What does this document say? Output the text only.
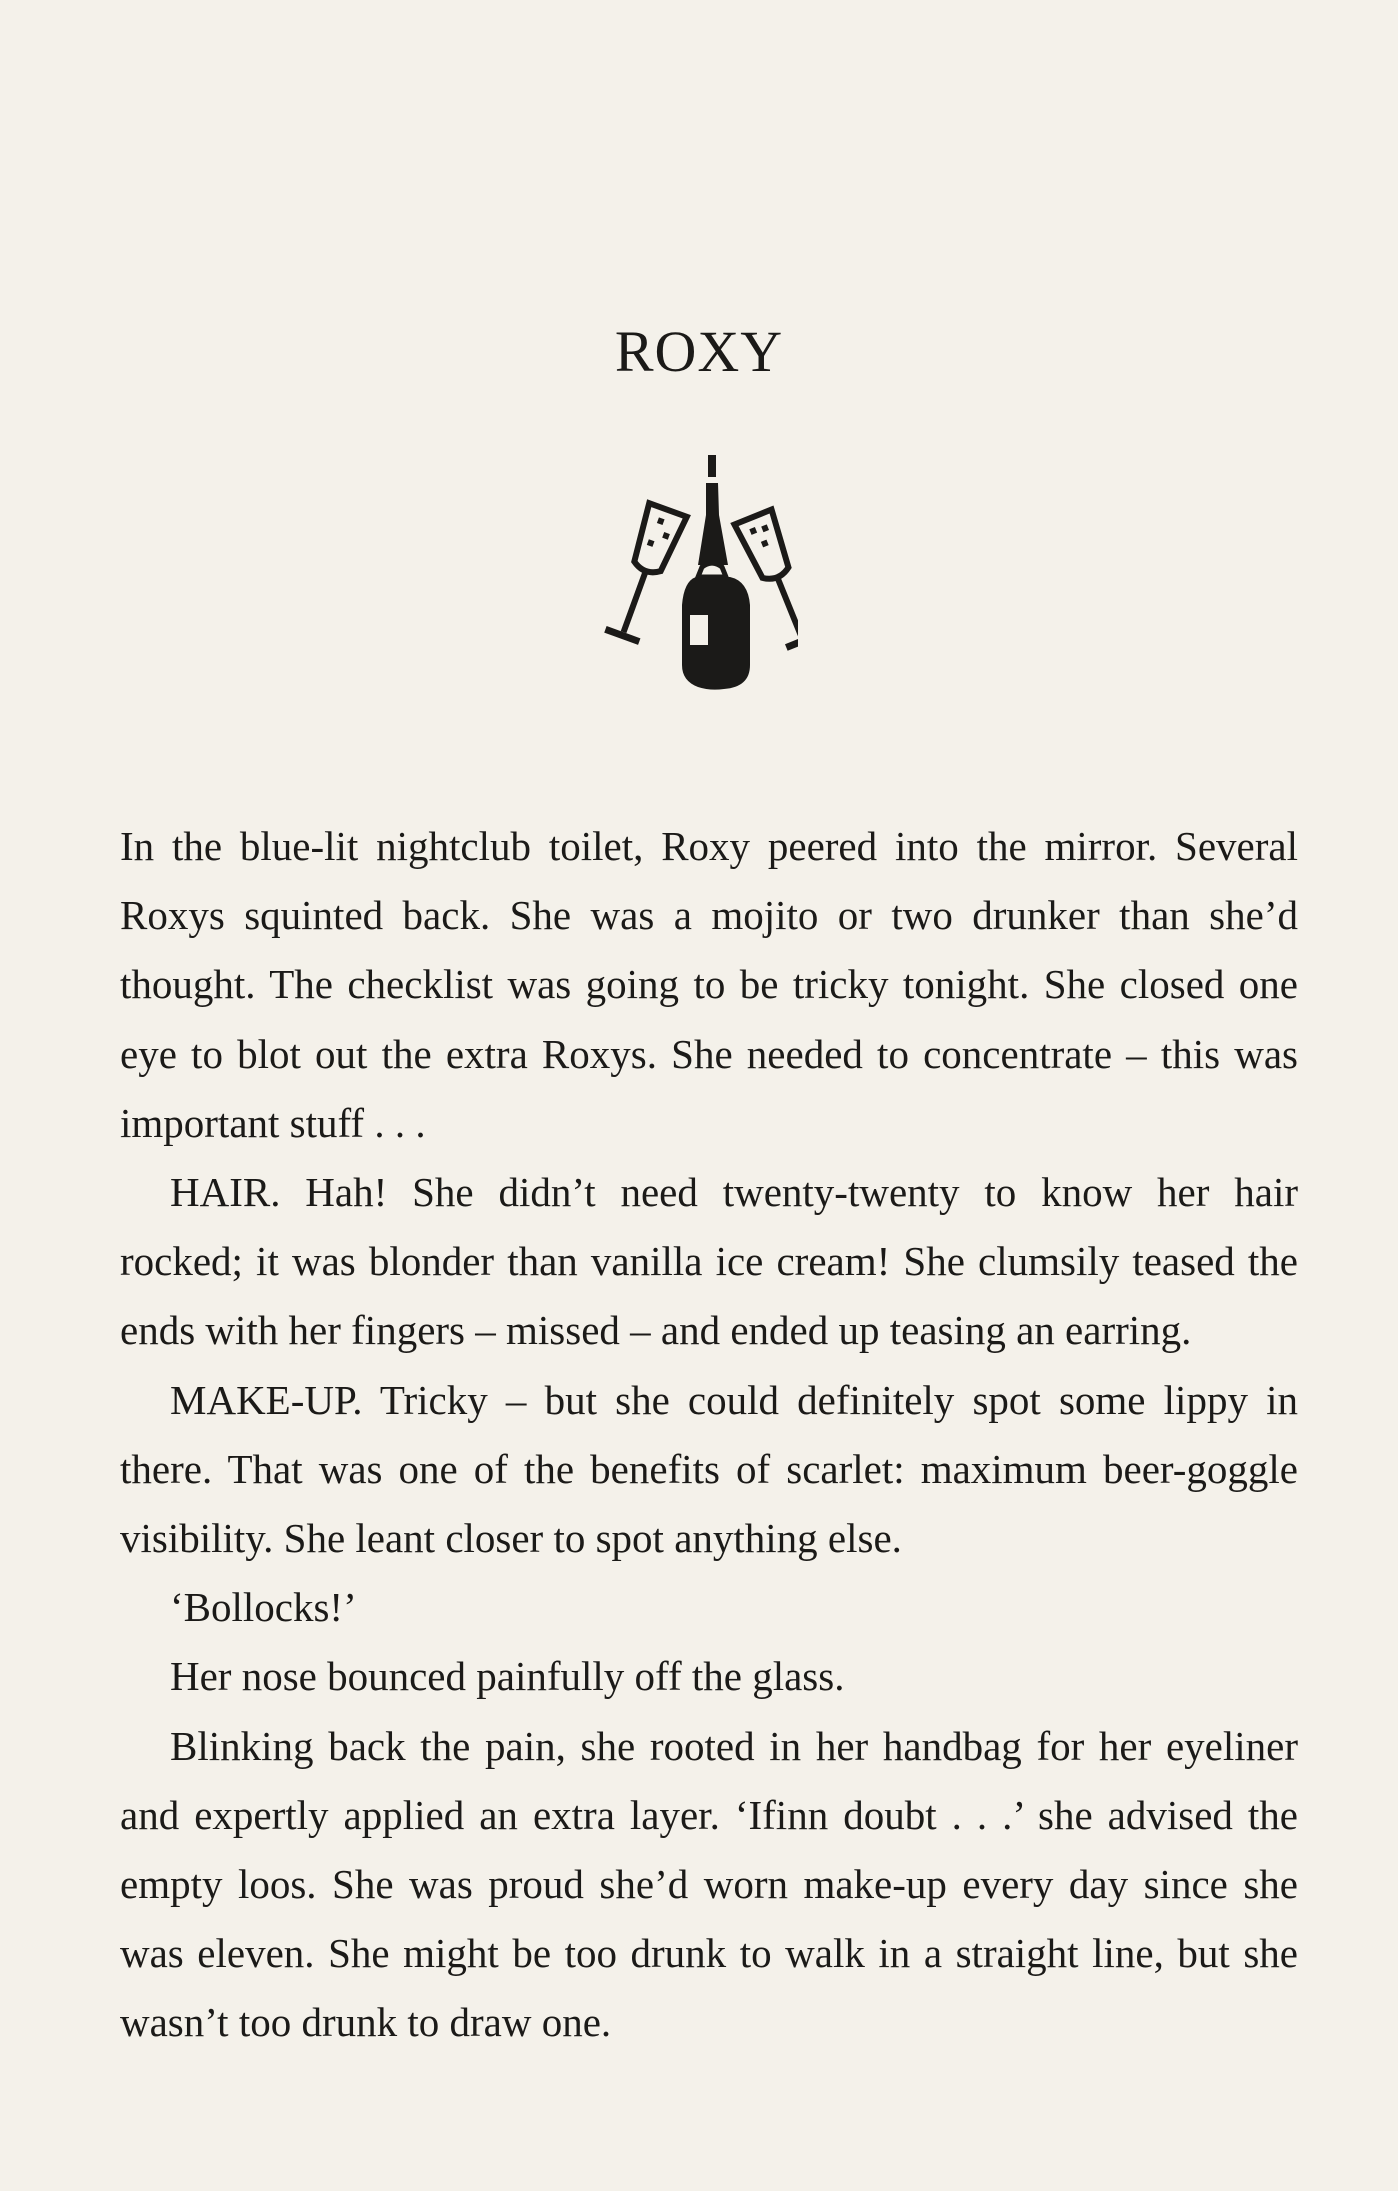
ROXY

In the blue-lit nightclub toilet, Roxy peered into the mirror. Several Roxys squinted back. She was a mojito or two drunker than she’d thought. The checklist was going to be tricky tonight. She closed one eye to blot out the extra Roxys. She needed to concentrate – this was important stuff . . .

HAIR. Hah! She didn’t need twenty-twenty to know her hair rocked; it was blonder than vanilla ice cream! She clumsily teased the ends with her fingers – missed – and ended up teasing an earring.

MAKE-UP. Tricky – but she could definitely spot some lippy in there. That was one of the benefits of scarlet: maximum beer-goggle visibility. She leant closer to spot anything else.

‘Bollocks!’

Her nose bounced painfully off the glass.

Blinking back the pain, she rooted in her handbag for her eyeliner and expertly applied an extra layer. ‘Ifinn doubt . . .’ she advised the empty loos. She was proud she’d worn make-up every day since she was eleven. She might be too drunk to walk in a straight line, but she wasn’t too drunk to draw one.
